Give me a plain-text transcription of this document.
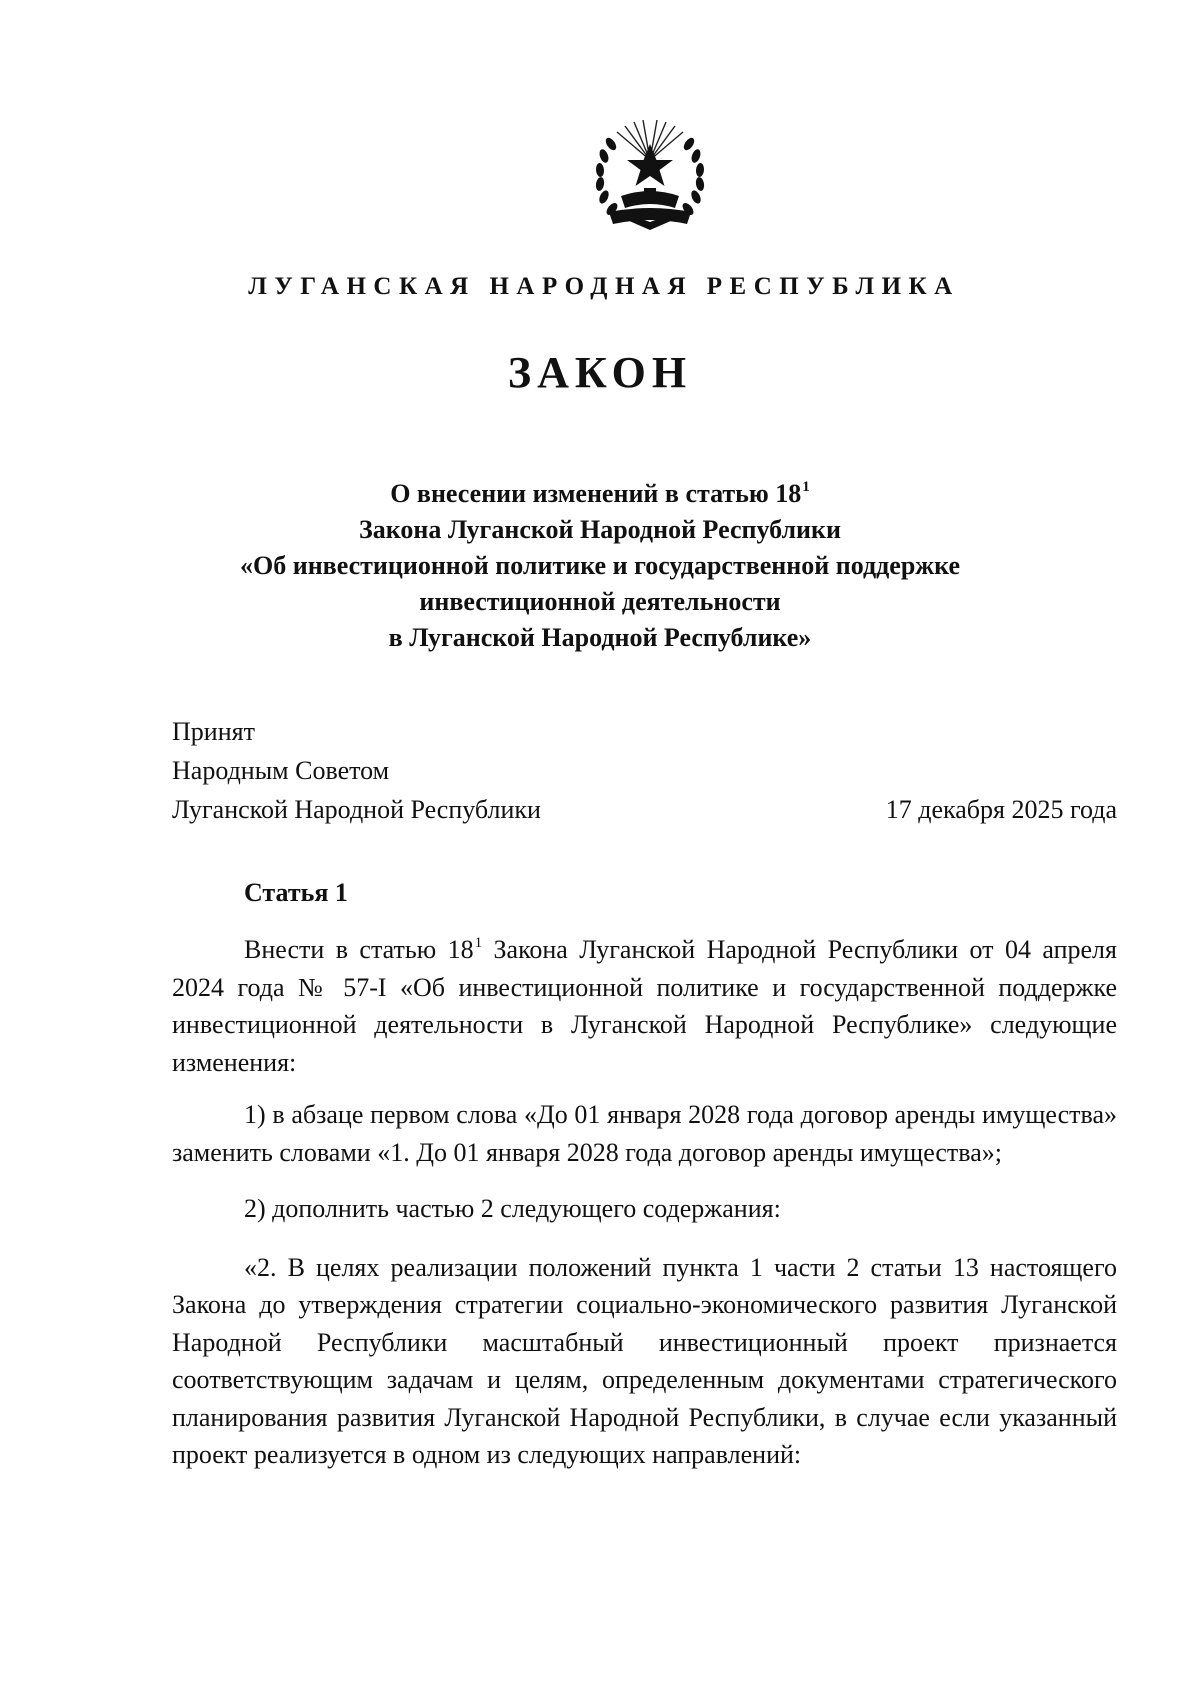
ЛУГАНСКАЯ НАРОДНАЯ РЕСПУБЛИКА
ЗАКОН
О внесении изменений в статью $18^1$
Закона Луганской Народной Республики
«Об инвестиционной политике и государственной поддержке
инвестиционной деятельности
в Луганской Народной Республике»
Принят
Народным Советом
Луганской Народной Республики	17 декабря 2025 года
Статья 1

Внести в статью $18^1$ Закона Луганской Народной Республики от 04 апреля 2024 года № 57-I «Об инвестиционной политике и государственной поддержке инвестиционной деятельности в Луганской Народной Республике» следующие изменения:

1) в абзаце первом слова «До 01 января 2028 года договор аренды имущества» заменить словами «1. До 01 января 2028 года договор аренды имущества»;

2) дополнить частью 2 следующего содержания:

«2. В целях реализации положений пункта 1 части 2 статьи 13 настоящего Закона до утверждения стратегии социально-экономического развития Луганской Народной Республики масштабный инвестиционный проект признается соответствующим задачам и целям, определенным документами стратегического планирования развития Луганской Народной Республики, в случае если указанный проект реализуется в одном из следующих направлений:
